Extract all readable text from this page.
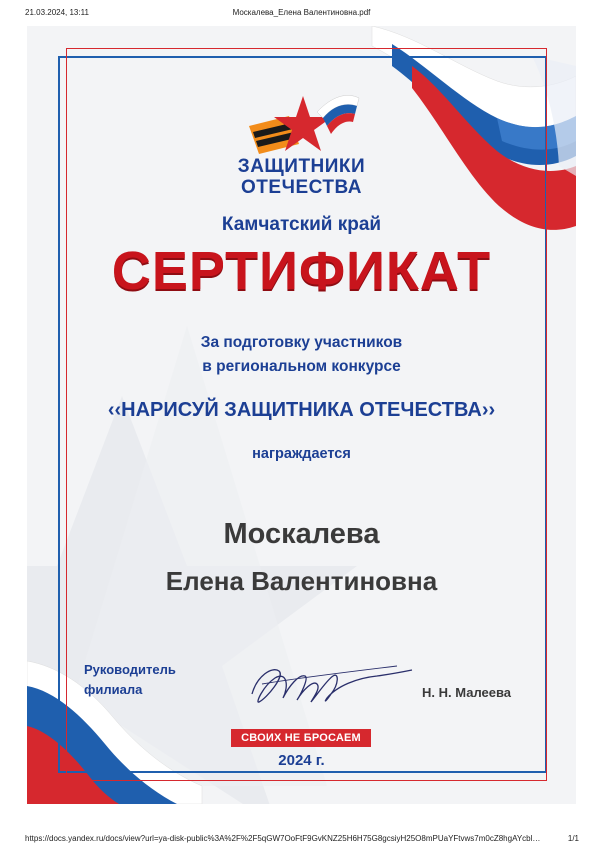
21.03.2024, 13:11	Москалева_Елена Валентиновна.pdf
ЗАЩИТНИКИ
ОТЕЧЕСТВА
Камчатский край
СЕРТИФИКАТ
За подготовку участников
в региональном конкурсе
‹‹НАРИСУЙ ЗАЩИТНИКА ОТЕЧЕСТВА››
награждается
Москалева
Елена Валентиновна
Руководитель
филиала	Н. Н. Малеева
СВОИХ НЕ БРОСАЕМ
2024 г.
https://docs.yandex.ru/docs/view?url=ya-disk-public%3A%2F%2F5qGW7OoFtF9GvKNZ25H6H75G8gcsiyH25O8mPUaYFtvws7m0cZ8hgAYcblF…	1/1
